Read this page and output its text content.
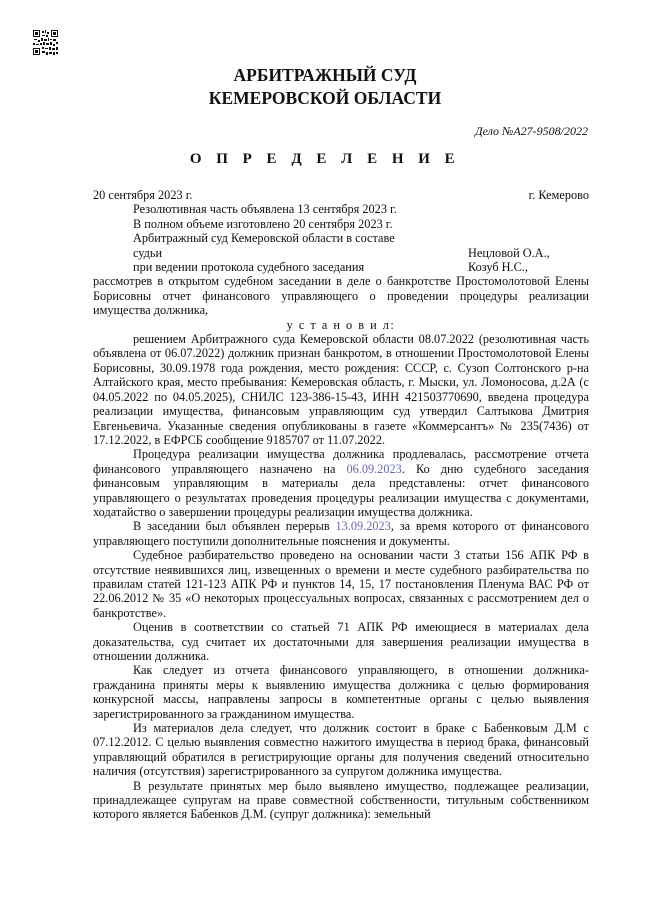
АРБИТРАЖНЫЙ СУД
КЕМЕРОВСКОЙ ОБЛАСТИ
Дело №А27-9508/2022
О П Р Е Д Е Л Е Н И Е
20 сентября 2023 г.	г. Кемерово
Резолютивная часть объявлена 13 сентября 2023 г.
В полном объеме изготовлено 20 сентября 2023 г.
Арбитражный суд Кемеровской области в составе
судьи	Нецловой О.А.,
при ведении протокола судебного заседания	Козуб Н.С.,

рассмотрев в открытом судебном заседании в деле о банкротстве Простомолотовой Елены Борисовны отчет финансового управляющего о проведении процедуры реализации имущества должника,

у с т а н о в и л:

решением Арбитражного суда Кемеровской области 08.07.2022 (резолютивная часть объявлена от 06.07.2022) должник признан банкротом, в отношении Простомолотовой Елены Борисовны, 30.09.1978 года рождения, место рождения: СССР, с. Сузоп Солтонского р-на Алтайского края, место пребывания: Кемеровская область, г. Мыски, ул. Ломоносова, д.2А (с 04.05.2022 по 04.05.2025), СНИЛС 123-386-15-43, ИНН 421503770690, введена процедура реализации имущества, финансовым управляющим суд утвердил Салтыкова Дмитрия Евгеньевича. Указанные сведения опубликованы в газете «Коммерсантъ» № 235(7436) от 17.12.2022, в ЕФРСБ сообщение 9185707 от 11.07.2022.

Процедура реализации имущества должника продлевалась, рассмотрение отчета финансового управляющего назначено на 06.09.2023. Ко дню судебного заседания финансовым управляющим в материалы дела представлены: отчет финансового управляющего о результатах проведения процедуры реализации имущества с документами, ходатайство о завершении процедуры реализации имущества должника.

В заседании был объявлен перерыв 13.09.2023, за время которого от финансового управляющего поступили дополнительные пояснения и документы.

Судебное разбирательство проведено на основании части 3 статьи 156 АПК РФ в отсутствие неявившихся лиц, извещенных о времени и месте судебного разбирательства по правилам статей 121-123 АПК РФ и пунктов 14, 15, 17 постановления Пленума ВАС РФ от 22.06.2012 № 35 «О некоторых процессуальных вопросах, связанных с рассмотрением дел о банкротстве».

Оценив в соответствии со статьей 71 АПК РФ имеющиеся в материалах дела доказательства, суд считает их достаточными для завершения реализации имущества в отношении должника.

Как следует из отчета финансового управляющего, в отношении должника-гражданина приняты меры к выявлению имущества должника с целью формирования конкурсной массы, направлены запросы в компетентные органы с целью выявления зарегистрированного за гражданином имущества.

Из материалов дела следует, что должник состоит в браке с Бабенковым Д.М с 07.12.2012. С целью выявления совместно нажитого имущества в период брака, финансовый управляющий обратился в регистрирующие органы для получения сведений относительно наличия (отсутствия) зарегистрированного за супругом должника имущества.

В результате принятых мер было выявлено имущество, подлежащее реализации, принадлежащее супругам на праве совместной собственности, титульным собственником которого является Бабенков Д.М. (супруг должника): земельный
